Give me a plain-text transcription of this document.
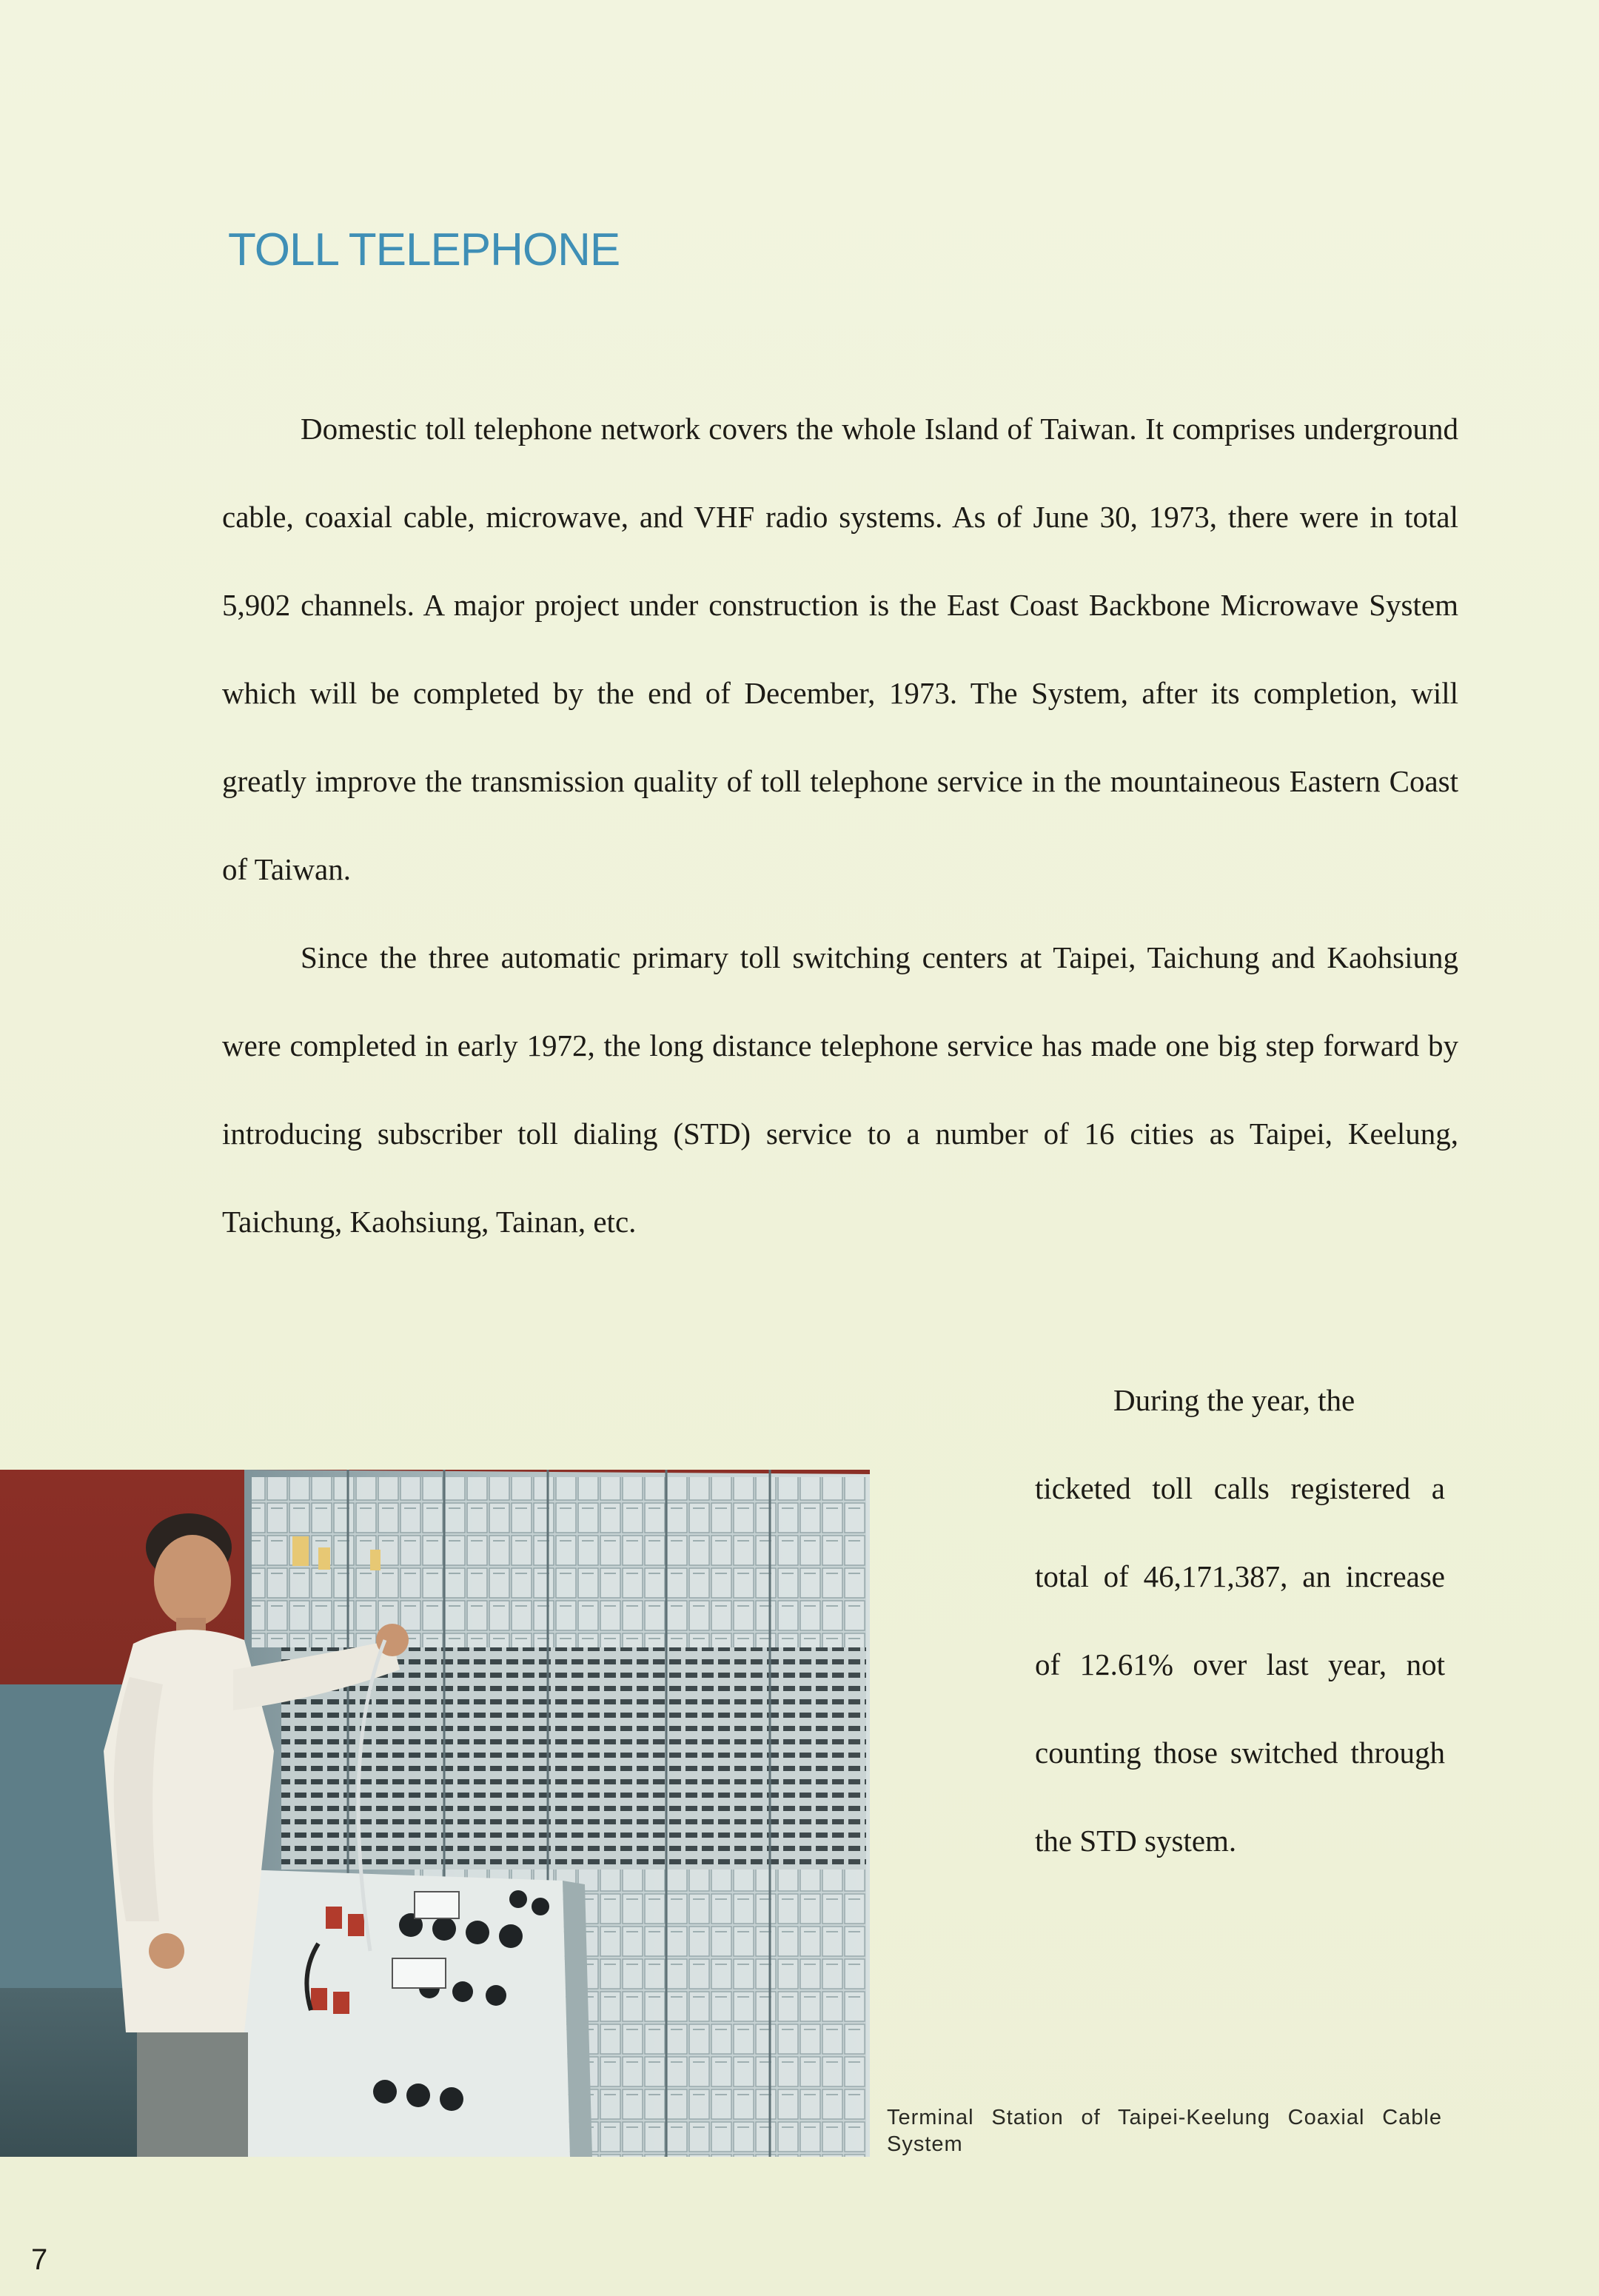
TOLL TELEPHONE

Domestic toll telephone network covers the whole Island of Taiwan. It comprises underground cable, coaxial cable, microwave, and VHF radio systems. As of June 30, 1973, there were in total 5,902 channels. A major project under construction is the East Coast Backbone Microwave System which will be completed by the end of December, 1973. The System, after its completion, will greatly improve the transmission quality of toll telephone service in the mountaineous Eastern Coast of Taiwan.

Since the three automatic primary toll switching centers at Taipei, Taichung and Kaohsiung were completed in early 1972, the long distance telephone service has made one big step forward by introducing subscriber toll dialing (STD) service to a number of 16 cities as Taipei, Keelung, Taichung, Kaohsiung, Tainan, etc.

During the year, the
ticketed toll calls registered a total of 46,171,387, an increase of 12.61% over last year, not counting those switched through the STD system.
Terminal Station of Taipei-Keelung Coaxial Cable System
7
